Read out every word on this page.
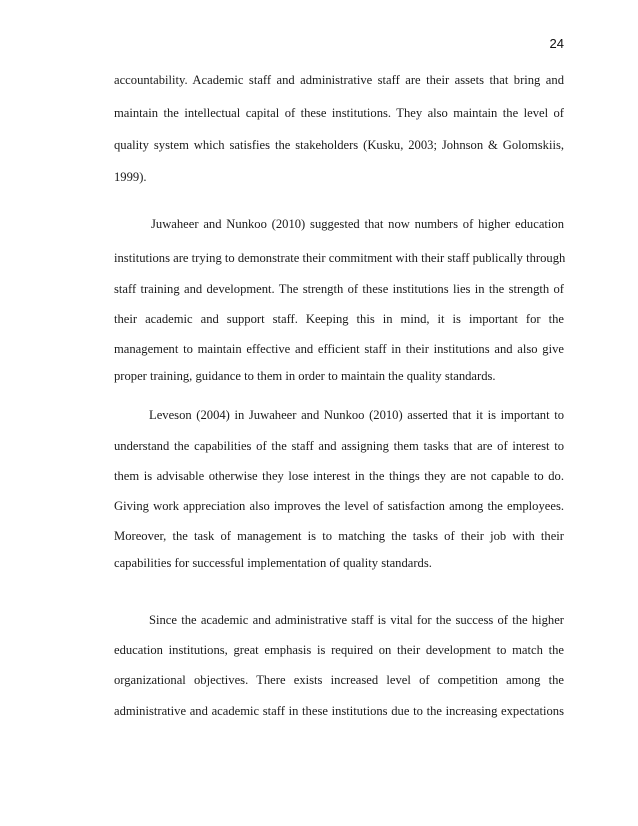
24
accountability. Academic staff and administrative staff are their assets that bring and
maintain the intellectual capital of these institutions. They also maintain the level of
quality system which satisfies the stakeholders (Kusku, 2003; Johnson & Golomskiis,
1999).
Juwaheer and Nunkoo (2010) suggested that now numbers of higher education
institutions are trying to demonstrate their commitment with their staff publically through
staff training and development. The strength of these institutions lies in the strength of
their academic and support staff. Keeping this in mind, it is important for the
management to maintain effective and efficient staff in their institutions and also give
proper training, guidance to them in order to maintain the quality standards.
Leveson (2004) in Juwaheer and Nunkoo (2010) asserted that it is important to
understand the capabilities of the staff and assigning them tasks that are of interest to
them is advisable otherwise they lose interest in the things they are not capable to do.
Giving work appreciation also improves the level of satisfaction among the employees.
Moreover, the task of management is to matching the tasks of their job with their
capabilities for successful implementation of quality standards.
Since the academic and administrative staff is vital for the success of the higher
education institutions, great emphasis is required on their development to match the
organizational objectives. There exists increased level of competition among the
administrative and academic staff in these institutions due to the increasing expectations
